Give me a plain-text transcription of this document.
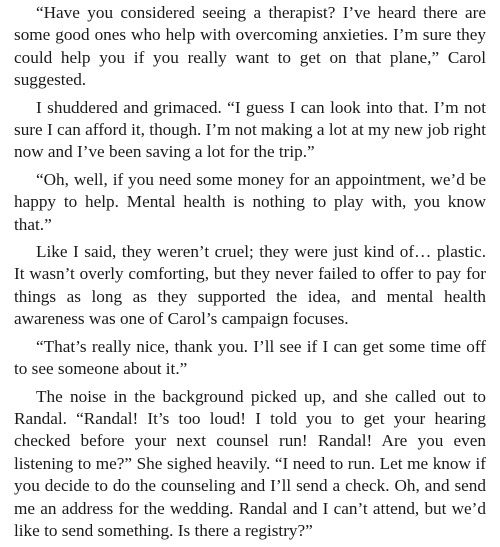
“Have you considered seeing a therapist? I’ve heard there are some good ones who help with overcoming anxieties. I’m sure they could help you if you really want to get on that plane,” Carol suggested.

I shuddered and grimaced. “I guess I can look into that. I’m not sure I can afford it, though. I’m not making a lot at my new job right now and I’ve been saving a lot for the trip.”

“Oh, well, if you need some money for an appointment, we’d be happy to help. Mental health is nothing to play with, you know that.”

Like I said, they weren’t cruel; they were just kind of… plastic. It wasn’t overly comforting, but they never failed to offer to pay for things as long as they supported the idea, and mental health awareness was one of Carol’s campaign focuses.

“That’s really nice, thank you. I’ll see if I can get some time off to see someone about it.”

The noise in the background picked up, and she called out to Randal. “Randal! It’s too loud! I told you to get your hearing checked before your next counsel run! Randal! Are you even listening to me?” She sighed heavily. “I need to run. Let me know if you decide to do the counseling and I’ll send a check. Oh, and send me an address for the wedding. Randal and I can’t attend, but we’d like to send something. Is there a registry?”
